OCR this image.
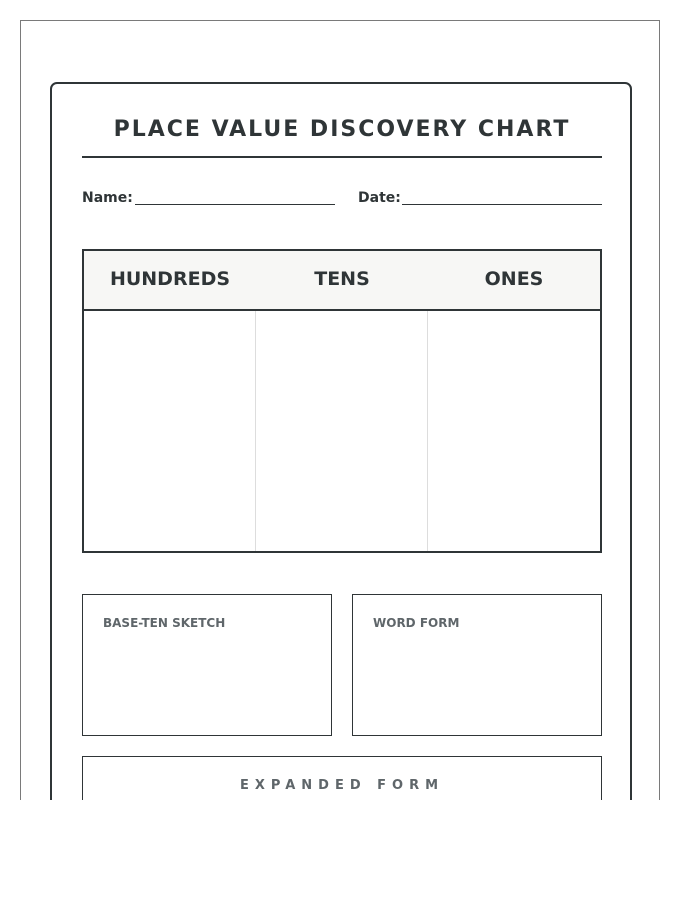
PLACE VALUE DISCOVERY CHART
Name:	Date:
HUNDREDS	TENS	ONES
BASE-TEN SKETCH	WORD FORM
EXPANDED FORM
